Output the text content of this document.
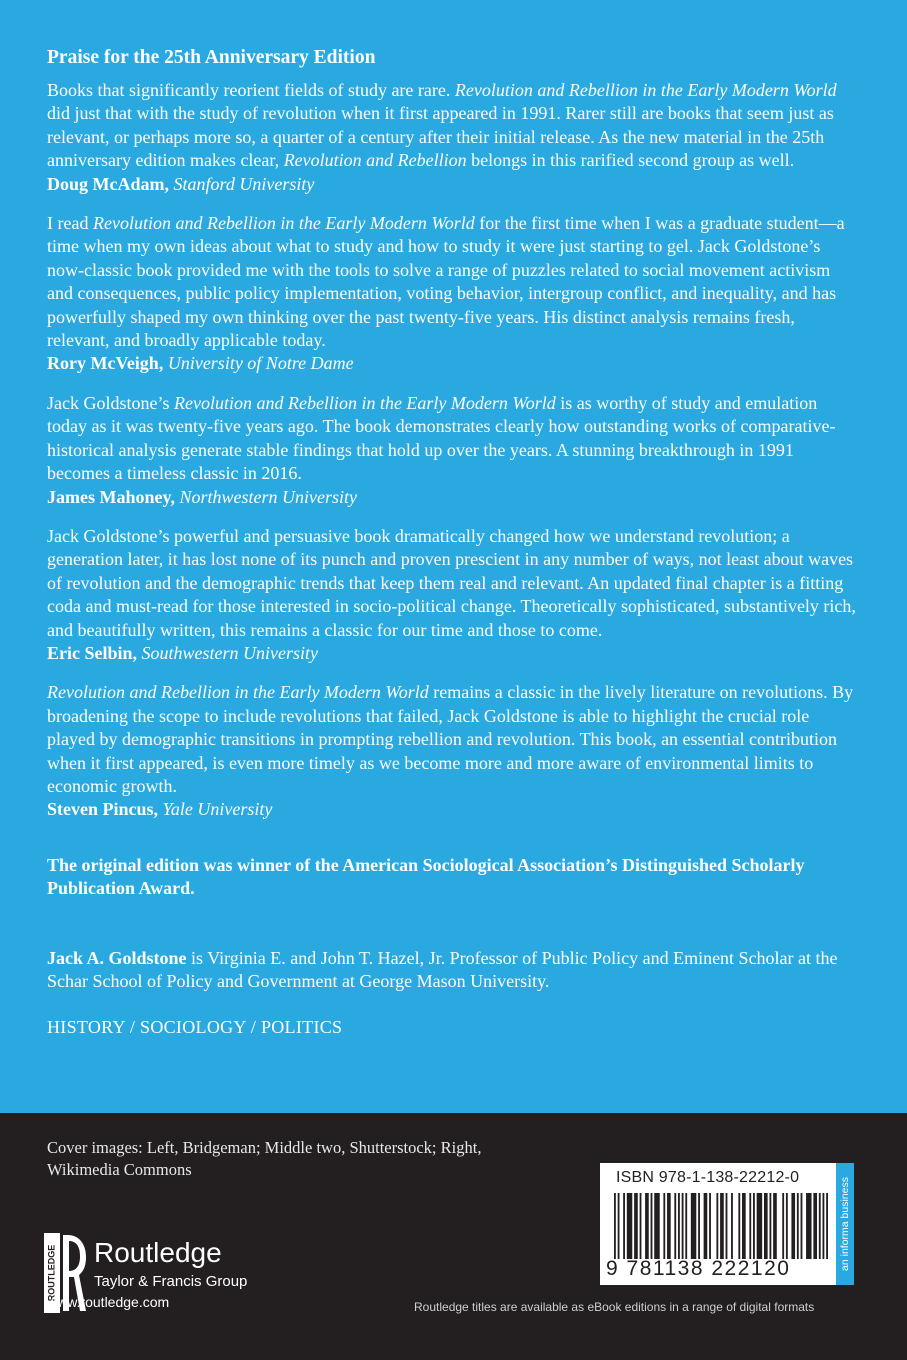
Praise for the 25th Anniversary Edition

Books that significantly reorient fields of study are rare. Revolution and Rebellion in the Early Modern World did just that with the study of revolution when it first appeared in 1991. Rarer still are books that seem just as relevant, or perhaps more so, a quarter of a century after their initial release. As the new material in the 25th anniversary edition makes clear, Revolution and Rebellion belongs in this rarified second group as well.

Doug McAdam, Stanford University

I read Revolution and Rebellion in the Early Modern World for the first time when I was a graduate student—a time when my own ideas about what to study and how to study it were just starting to gel. Jack Goldstone’s now-classic book provided me with the tools to solve a range of puzzles related to social movement activism and consequences, public policy implementation, voting behavior, intergroup conflict, and inequality, and has powerfully shaped my own thinking over the past twenty-five years. His distinct analysis remains fresh, relevant, and broadly applicable today.

Rory McVeigh, University of Notre Dame

Jack Goldstone’s Revolution and Rebellion in the Early Modern World is as worthy of study and emulation today as it was twenty-five years ago. The book demonstrates clearly how outstanding works of comparative-historical analysis generate stable findings that hold up over the years. A stunning breakthrough in 1991 becomes a timeless classic in 2016.

James Mahoney, Northwestern University

Jack Goldstone’s powerful and persuasive book dramatically changed how we understand revolution; a generation later, it has lost none of its punch and proven prescient in any number of ways, not least about waves of revolution and the demographic trends that keep them real and relevant. An updated final chapter is a fitting coda and must-read for those interested in socio-political change. Theoretically sophisticated, substantively rich, and beautifully written, this remains a classic for our time and those to come.

Eric Selbin, Southwestern University

Revolution and Rebellion in the Early Modern World remains a classic in the lively literature on revolutions. By broadening the scope to include revolutions that failed, Jack Goldstone is able to highlight the crucial role played by demographic transitions in prompting rebellion and revolution. This book, an essential contribution when it first appeared, is even more timely as we become more and more aware of environmental limits to economic growth.

Steven Pincus, Yale University

The original edition was winner of the American Sociological Association’s Distinguished Scholarly Publication Award.
Jack A. Goldstone is Virginia E. and John T. Hazel, Jr. Professor of Public Policy and Eminent Scholar at the Schar School of Policy and Government at George Mason University.
HISTORY / SOCIOLOGY / POLITICS
Cover images: Left, Bridgeman; Middle two, Shutterstock; Right, Wikimedia Commons
ROUTLEDGE Routledge
Taylor & Francis Group
www.routledge.com
ISBN 978-1-138-22212-0
9 781138 222120	an informa business
Routledge titles are available as eBook editions in a range of digital formats
